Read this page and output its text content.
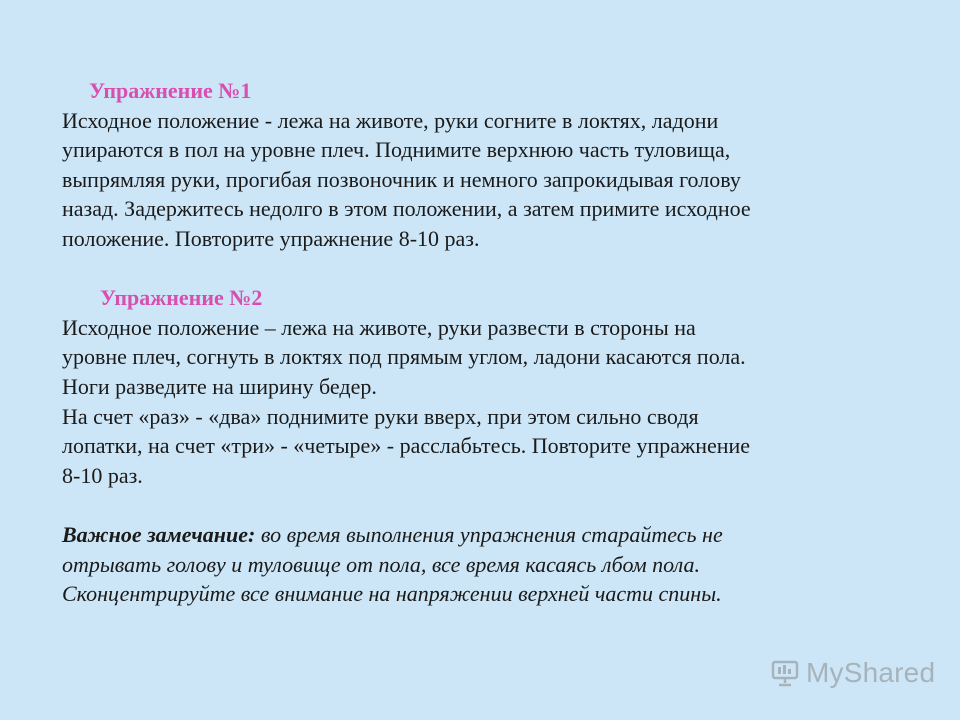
Упражнение №1
Исходное положение - лежа на животе, руки согните в локтях, ладони
упираются в пол на уровне плеч. Поднимите верхнюю часть туловища,
выпрямляя руки, прогибая позвоночник и немного запрокидывая голову
назад. Задержитесь недолго в этом положении, а затем примите исходное
положение. Повторите упражнение 8-10 раз.
Упражнение №2
Исходное положение – лежа на животе, руки развести в стороны на
уровне плеч, согнуть в локтях под прямым углом, ладони касаются пола.
Ноги разведите на ширину бедер.
На счет «раз» - «два» поднимите руки вверх, при этом сильно сводя
лопатки, на счет «три» - «четыре» - расслабьтесь. Повторите упражнение
8-10 раз.
Важное замечание: во время выполнения упражнения старайтесь не
отрывать голову и туловище от пола, все время касаясь лбом пола.
Сконцентрируйте все внимание на напряжении верхней части спины.
MyShared
